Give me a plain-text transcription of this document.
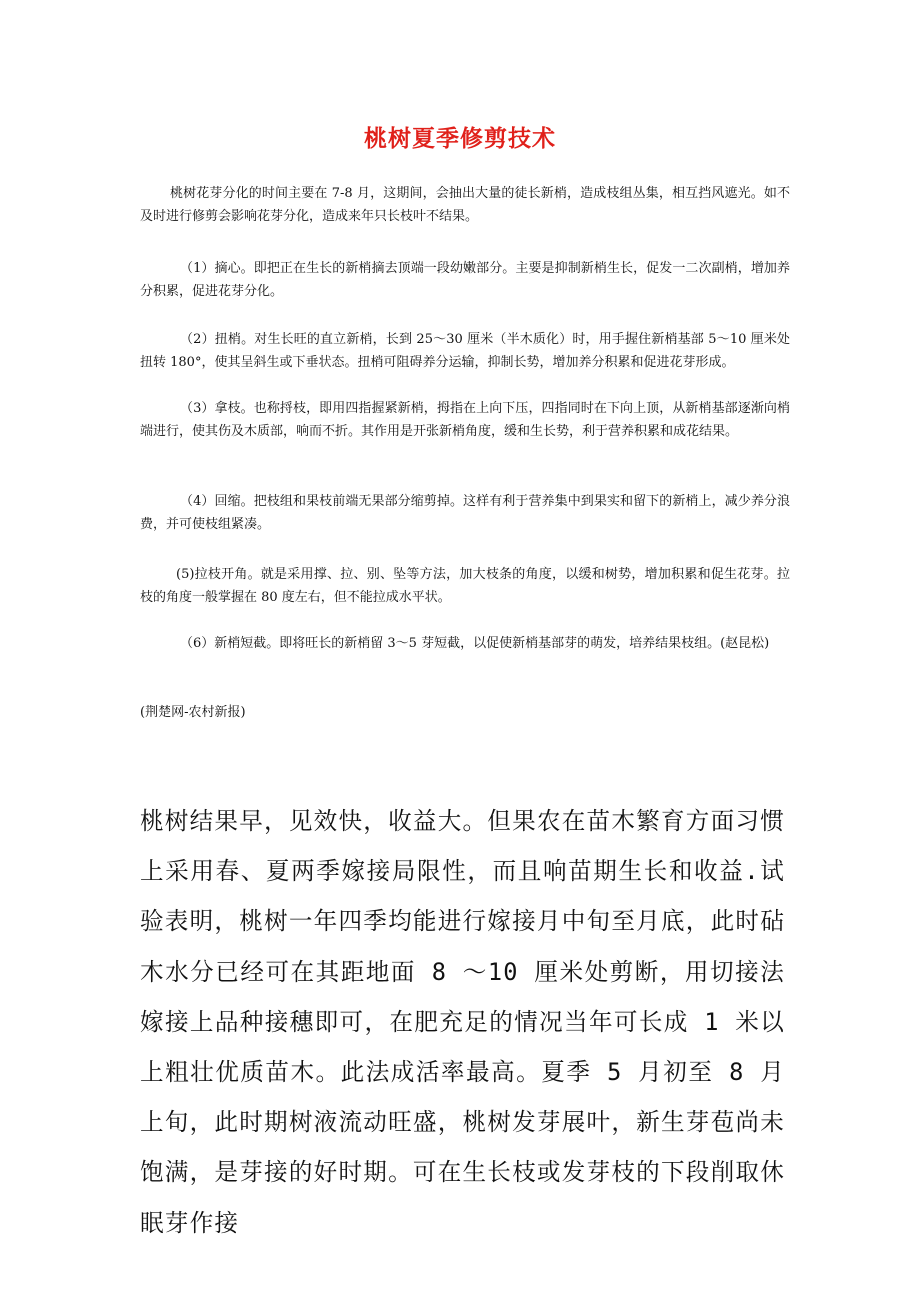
桃树夏季修剪技术

桃树花芽分化的时间主要在 7-8 月，这期间，会抽出大量的徒长新梢，造成枝组丛集，相互挡风遮光。如不及时进行修剪会影响花芽分化，造成来年只长枝叶不结果。

（1）摘心。即把正在生长的新梢摘去顶端一段幼嫩部分。主要是抑制新梢生长，促发一二次副梢，增加养分积累，促进花芽分化。

（2）扭梢。对生长旺的直立新梢，长到 25～30 厘米（半木质化）时，用手握住新梢基部 5～10 厘米处扭转 180°，使其呈斜生或下垂状态。扭梢可阻碍养分运输，抑制长势，增加养分积累和促进花芽形成。

（3）拿枝。也称捋枝，即用四指握紧新梢，拇指在上向下压，四指同时在下向上顶，从新梢基部逐渐向梢端进行，使其伤及木质部，响而不折。其作用是开张新梢角度，缓和生长势，利于营养积累和成花结果。

（4）回缩。把枝组和果枝前端无果部分缩剪掉。这样有利于营养集中到果实和留下的新梢上，减少养分浪费，并可使枝组紧凑。

(5)拉枝开角。就是采用撑、拉、别、坠等方法，加大枝条的角度，以缓和树势，增加积累和促生花芽。拉枝的角度一般掌握在 80 度左右，但不能拉成水平状。

（6）新梢短截。即将旺长的新梢留 3～5 芽短截，以促使新梢基部芽的萌发，培养结果枝组。(赵昆松)

(荆楚网-农村新报)

桃树结果早，见效快，收益大。但果农在苗木繁育方面习惯上采用春、夏两季嫁接局限性，而且响苗期生长和收益.试验表明，桃树一年四季均能进行嫁接月中旬至月底，此时砧木水分已经可在其距地面 8 ～10 厘米处剪断，用切接法嫁接上品种接穗即可，在肥充足的情况当年可长成 1 米以上粗壮优质苗木。此法成活率最高。夏季 5 月初至 8 月上旬，此时期树液流动旺盛，桃树发芽展叶，新生芽苞尚未饱满，是芽接的好时期。可在生长枝或发芽枝的下段削取休眠芽作接
